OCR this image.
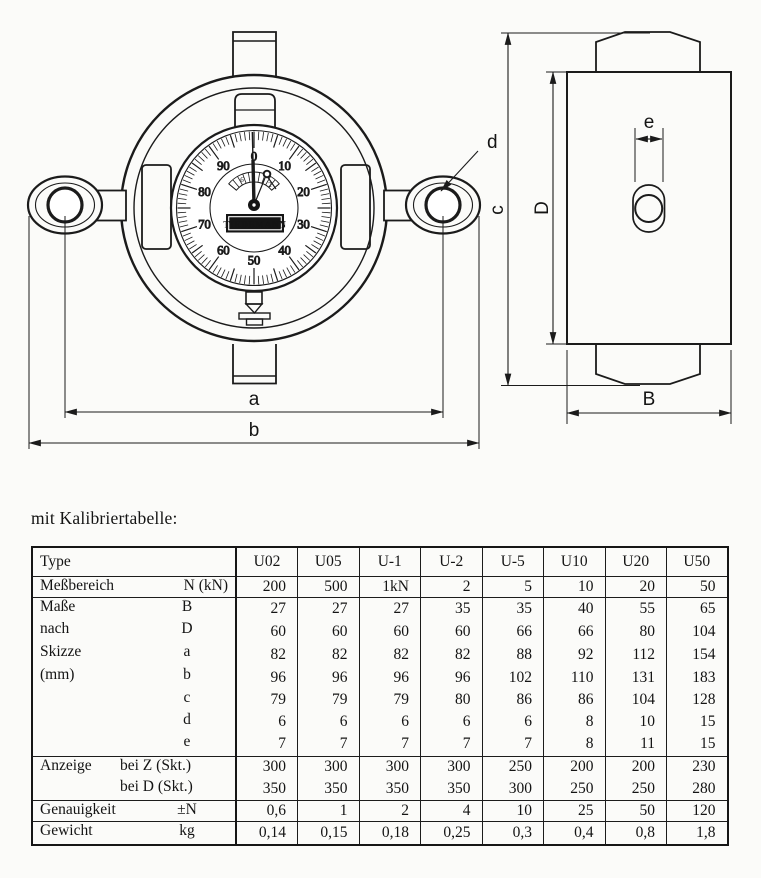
0
10
20
30
40
50
60
70
80
90
6
2
TIEDEMANN
a
b
d
e
c D
B
mit Kalibriertabelle:
Type	U02	U05	U-1	U-2	U-5	U10	U20	U50

Meßbereich N (kN)	200	500	1kN	2	5	10	20	50

Maße B	27	27	27	35	35	40	55	65

nach D	60	60	60	60	66	66	80	104

Skizze a	82	82	82	82	88	92	112	154

(mm) b	96	96	96	96	102	110	131	183

c	79	79	79	80	86	86	104	128

d	6	6	6	6	6	8	10	15

e	7	7	7	7	7	8	11	15

Anzeige bei Z (Skt.)	300	300	300	300	250	200	200	230

bei D (Skt.)	350	350	350	350	300	250	250	280

Genauigkeit ±N	0,6	1	2	4	10	25	50	120

Gewicht kg	0,14	0,15	0,18	0,25	0,3	0,4	0,8	1,8
